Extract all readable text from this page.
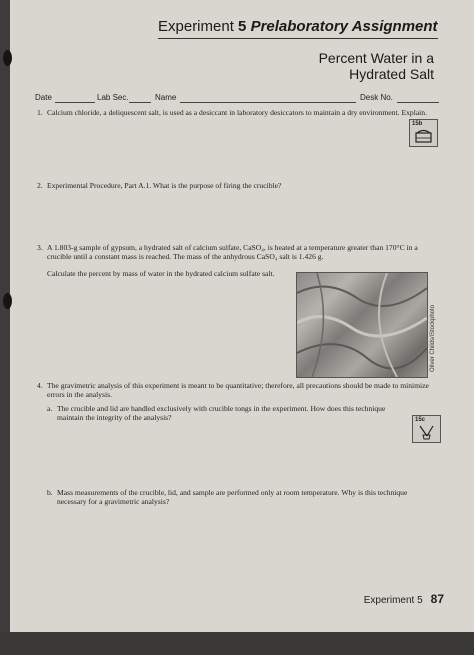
Experiment 5 Prelaboratory Assignment
Percent Water in a
Hydrated Salt
Date	Lab Sec.	Name	Desk No.
1. Calcium chloride, a deliquescent salt, is used as a desiccant in laboratory desiccators to maintain a dry environment. Explain.
15b
2. Experimental Procedure, Part A.1. What is the purpose of firing the crucible?
3. A 1.803-g sample of gypsum, a hydrated salt of calcium sulfate, CaSO₄, is heated at a temperature greater than 170°C in a crucible until a constant mass is reached. The mass of the anhydrous CaSO₄ salt is 1.426 g.
Calculate the percent by mass of water in the hydrated calcium sulfate salt.
Oliver Childs/iStockphoto
4. The gravimetric analysis of this experiment is meant to be quantitative; therefore, all precautions should be made to minimize errors in the analysis.
a. The crucible and lid are handled exclusively with crucible tongs in the experiment. How does this technique maintain the integrity of the analysis?	15c
b. Mass measurements of the crucible, lid, and sample are performed only at room temperature. Why is this technique necessary for a gravimetric analysis?
Experiment 5 87
